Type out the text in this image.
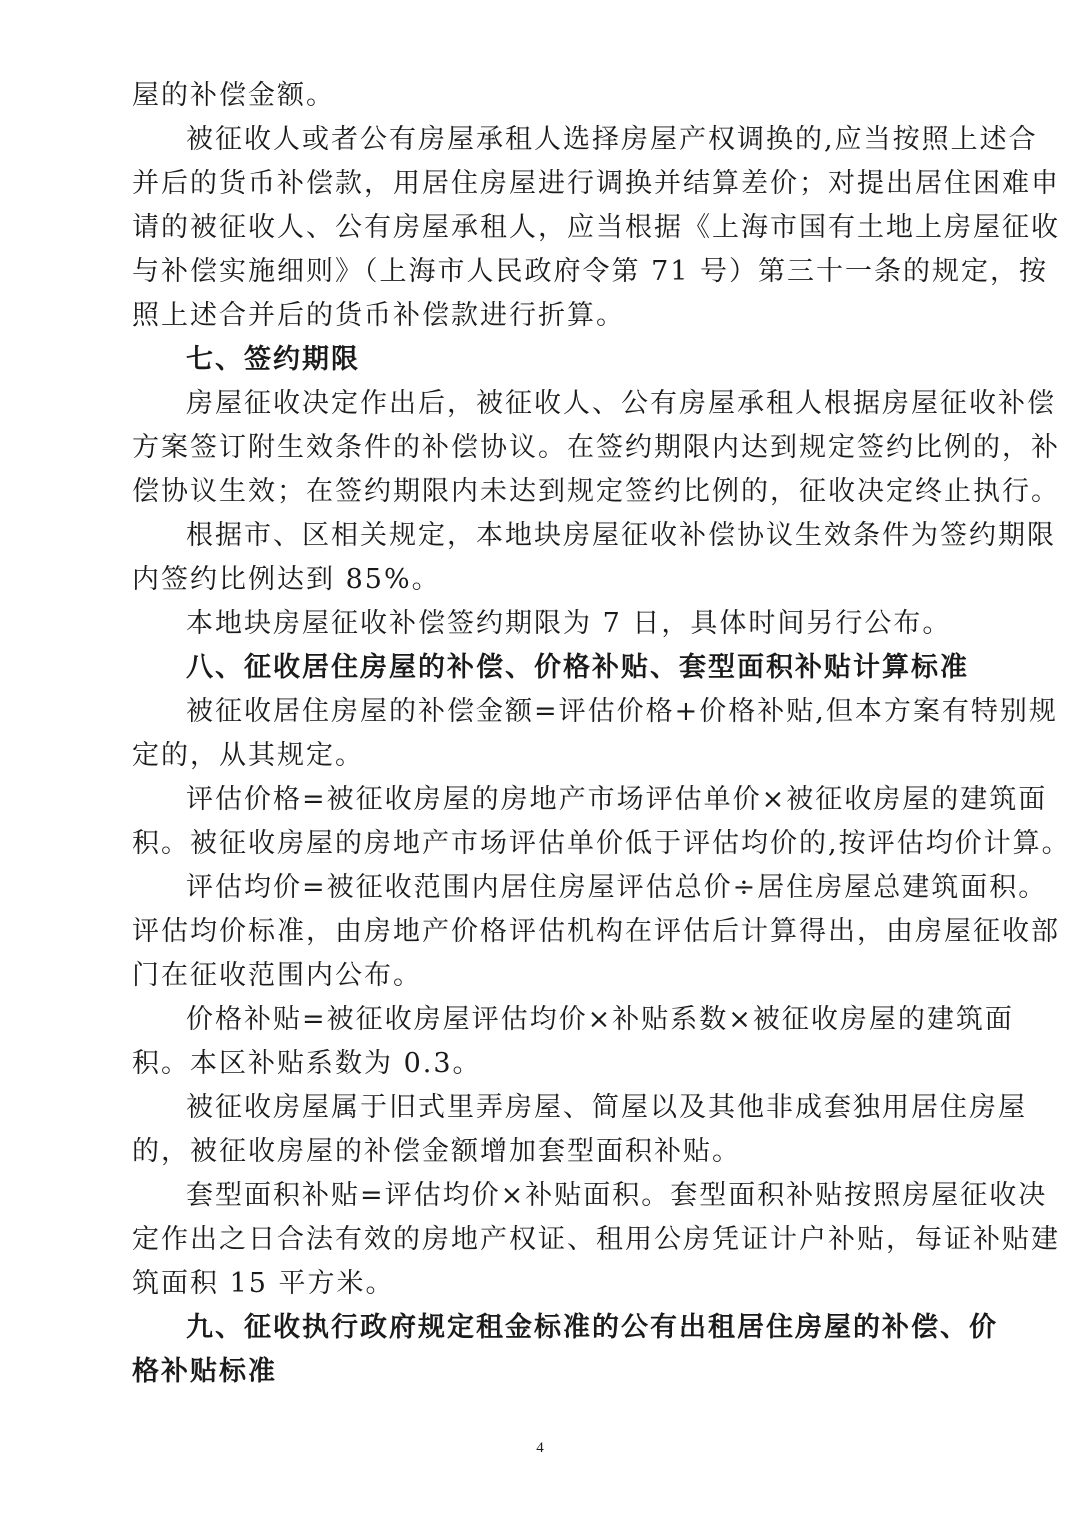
屋的补偿金额。
被征收人或者公有房屋承租人选择房屋产权调换的,应当按照上述合
并后的货币补偿款，用居住房屋进行调换并结算差价；对提出居住困难申
请的被征收人、公有房屋承租人，应当根据《上海市国有土地上房屋征收
与补偿实施细则》（上海市人民政府令第 71 号）第三十一条的规定，按
照上述合并后的货币补偿款进行折算。
七、签约期限
房屋征收决定作出后，被征收人、公有房屋承租人根据房屋征收补偿
方案签订附生效条件的补偿协议。在签约期限内达到规定签约比例的，补
偿协议生效；在签约期限内未达到规定签约比例的，征收决定终止执行。
根据市、区相关规定，本地块房屋征收补偿协议生效条件为签约期限
内签约比例达到 85%。
本地块房屋征收补偿签约期限为 7 日，具体时间另行公布。
八、征收居住房屋的补偿、价格补贴、套型面积补贴计算标准
被征收居住房屋的补偿金额=评估价格+价格补贴,但本方案有特别规
定的，从其规定。
评估价格=被征收房屋的房地产市场评估单价×被征收房屋的建筑面
积。被征收房屋的房地产市场评估单价低于评估均价的,按评估均价计算。
评估均价=被征收范围内居住房屋评估总价÷居住房屋总建筑面积。
评估均价标准，由房地产价格评估机构在评估后计算得出，由房屋征收部
门在征收范围内公布。
价格补贴=被征收房屋评估均价×补贴系数×被征收房屋的建筑面
积。本区补贴系数为 0.3。
被征收房屋属于旧式里弄房屋、简屋以及其他非成套独用居住房屋
的，被征收房屋的补偿金额增加套型面积补贴。
套型面积补贴=评估均价×补贴面积。套型面积补贴按照房屋征收决
定作出之日合法有效的房地产权证、租用公房凭证计户补贴，每证补贴建
筑面积 15 平方米。
九、征收执行政府规定租金标准的公有出租居住房屋的补偿、价
格补贴标准
4
